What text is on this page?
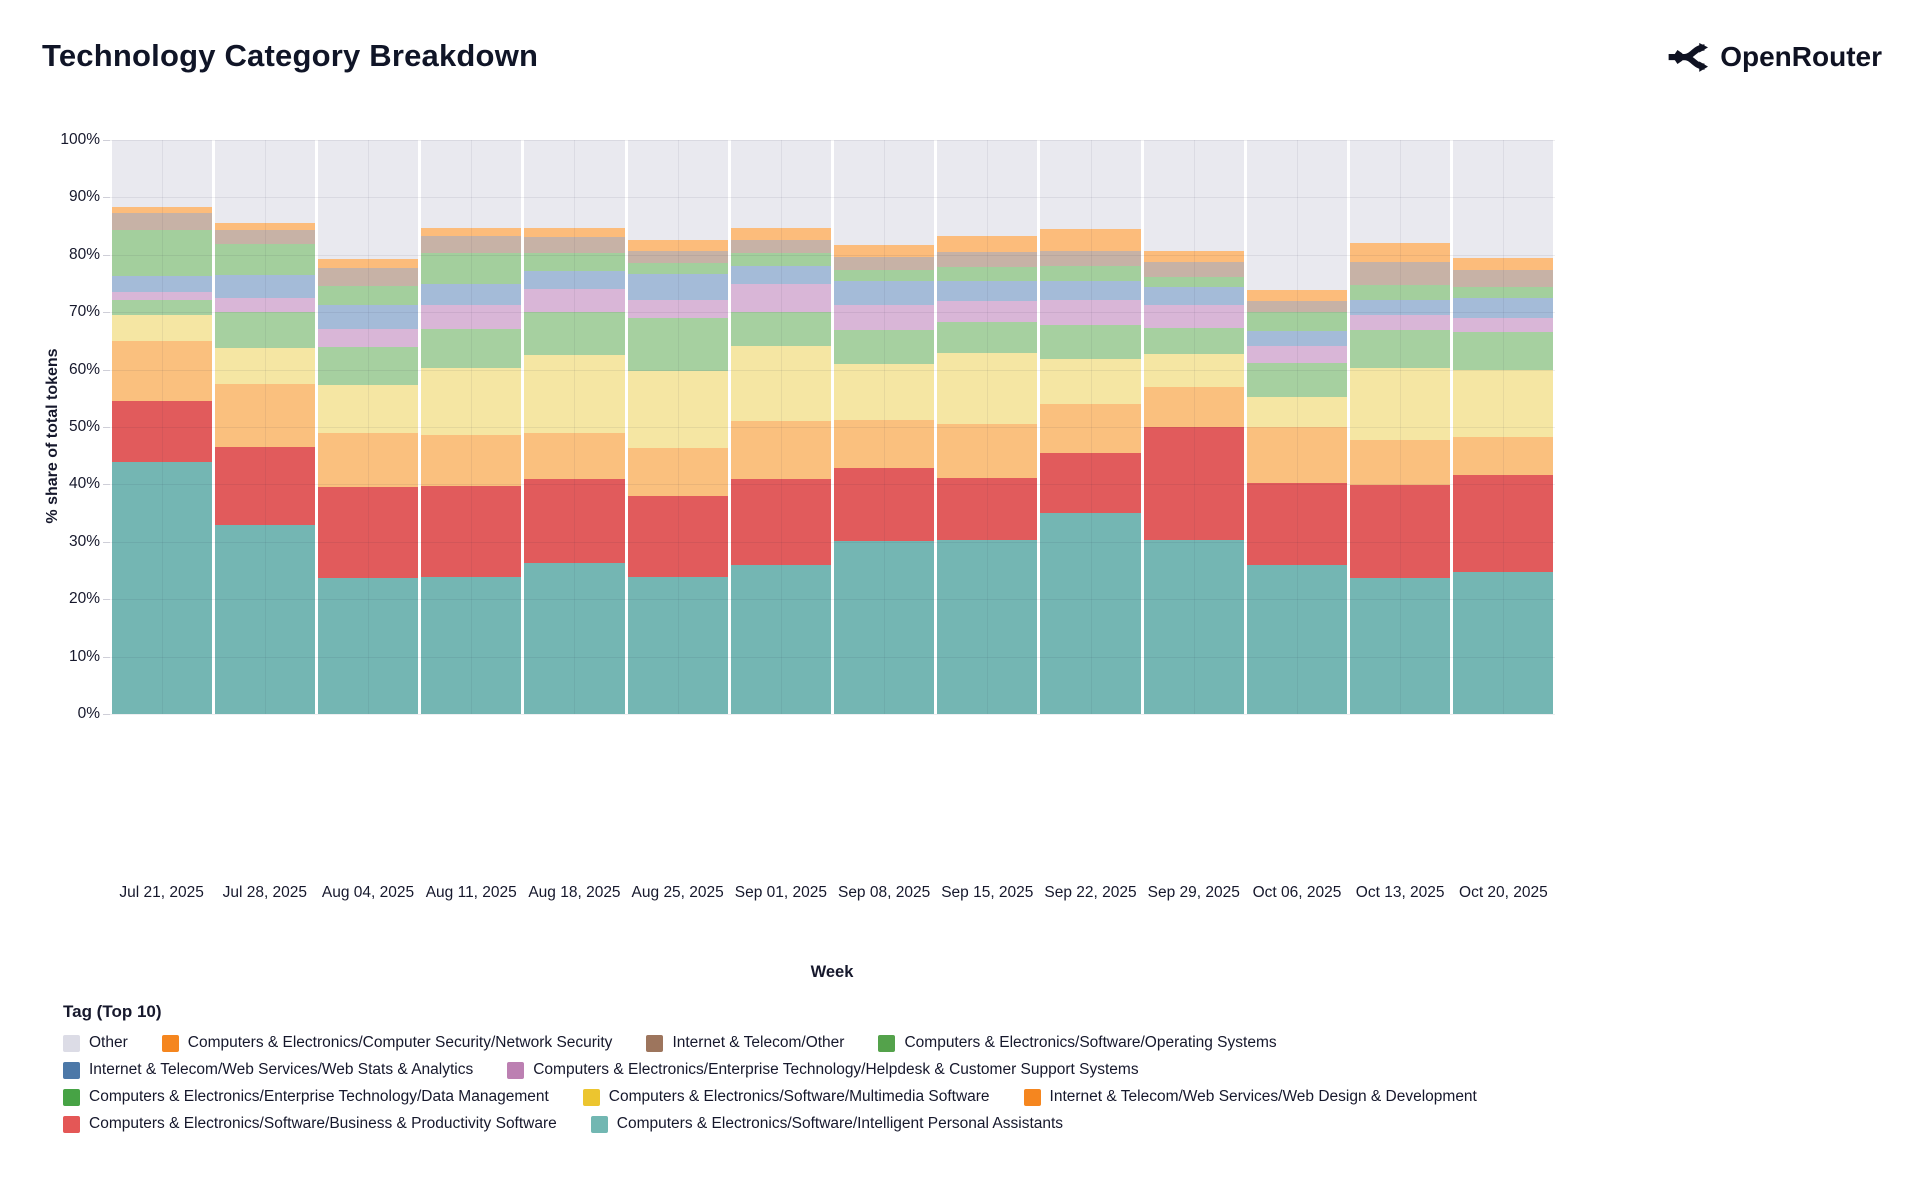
Technology Category Breakdown	OpenRouter
% share of total tokens
Week
0%
10%
20%
30%
40%
50%
60%
70%
80%
90%
100%
Jul 21, 2025 Jul 28, 2025 Aug 04, 2025 Aug 11, 2025 Aug 18, 2025 Aug 25, 2025 Sep 01, 2025 Sep 08, 2025 Sep 15, 2025 Sep 22, 2025 Sep 29, 2025 Oct 06, 2025 Oct 13, 2025 Oct 20, 2025
Tag (Top 10)
Other	Computers & Electronics/Computer Security/Network Security	Internet & Telecom/Other	Computers & Electronics/Software/Operating Systems
Internet & Telecom/Web Services/Web Stats & Analytics	Computers & Electronics/Enterprise Technology/Helpdesk & Customer Support Systems
Computers & Electronics/Enterprise Technology/Data Management	Computers & Electronics/Software/Multimedia Software	Internet & Telecom/Web Services/Web Design & Development
Computers & Electronics/Software/Business & Productivity Software	Computers & Electronics/Software/Intelligent Personal Assistants
